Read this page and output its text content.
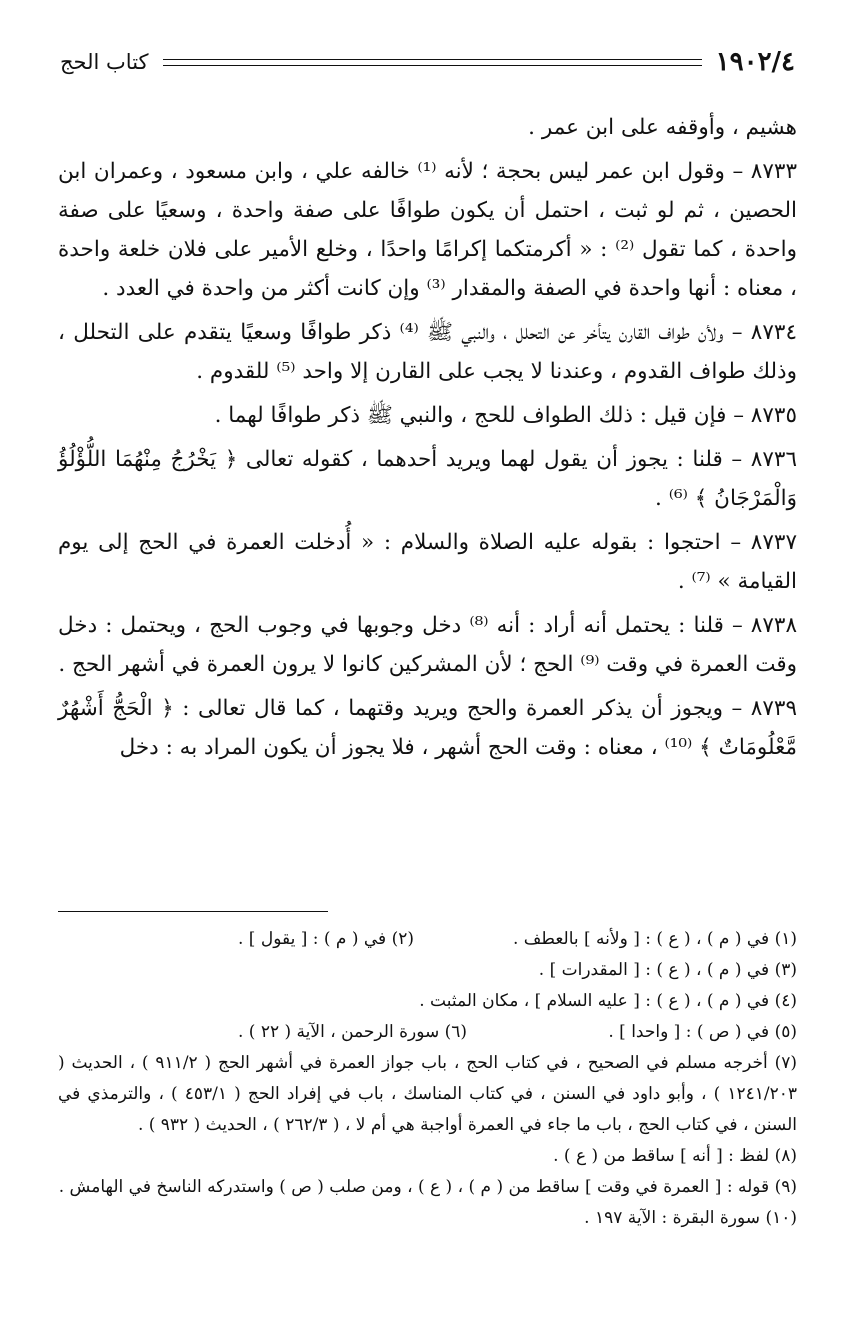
١٩٠٢/٤
كتاب الحج

هشيم ، وأوقفه على ابن عمر .

٨٧٣٣ – وقول ابن عمر ليس بحجة ؛ لأنه ⁽¹⁾ خالفه علي ، وابن مسعود ، وعمران ابن الحصين ، ثم لو ثبت ، احتمل أن يكون طوافًا على صفة واحدة ، وسعيًا على صفة واحدة ، كما تقول ⁽²⁾ : « أكرمتكما إكرامًا واحدًا ، وخلع الأمير على فلان خلعة واحدة ، معناه : أنها واحدة في الصفة والمقدار ⁽³⁾ وإن كانت أكثر من واحدة في العدد .

٨٧٣٤ – ولأن طواف القارن يتأخر عن التحلل ، والنبي ﷺ ⁽⁴⁾ ذكر طوافًا وسعيًا يتقدم على التحلل ، وذلك طواف القدوم ، وعندنا لا يجب على القارن إلا واحد ⁽⁵⁾ للقدوم .

٨٧٣٥ – فإن قيل : ذلك الطواف للحج ، والنبي ﷺ ذكر طوافًا لهما .

٨٧٣٦ – قلنا : يجوز أن يقول لهما ويريد أحدهما ، كقوله تعالى ﴿ يَخْرُجُ مِنْهُمَا اللُّؤْلُؤُ وَالْمَرْجَانُ ﴾ ⁽⁶⁾ .

٨٧٣٧ – احتجوا : بقوله عليه الصلاة والسلام : « أُدخلت العمرة في الحج إلى يوم القيامة » ⁽⁷⁾ .

٨٧٣٨ – قلنا : يحتمل أنه أراد : أنه ⁽⁸⁾ دخل وجوبها في وجوب الحج ، ويحتمل : دخل وقت العمرة في وقت ⁽⁹⁾ الحج ؛ لأن المشركين كانوا لا يرون العمرة في أشهر الحج .

٨٧٣٩ – ويجوز أن يذكر العمرة والحج ويريد وقتهما ، كما قال تعالى : ﴿ الْحَجُّ أَشْهُرٌ مَّعْلُومَاتٌ ﴾ ⁽¹⁰⁾ ، معناه : وقت الحج أشهر ، فلا يجوز أن يكون المراد به : دخل

(١) في ( م ) ، ( ع ) : [ ولأنه ] بالعطف .

(٢) في ( م ) : [ يقول ] .

(٣) في ( م ) ، ( ع ) : [ المقدرات ] .

(٤) في ( م ) ، ( ع ) : [ عليه السلام ] ، مكان المثبت .

(٥) في ( ص ) : [ واحدا ] .

(٦) سورة الرحمن ، الآية ( ٢٢ ) .

(٧) أخرجه مسلم في الصحيح ، في كتاب الحج ، باب جواز العمرة في أشهر الحج ( ٩١١/٢ ) ، الحديث ( ١٢٤١/٢٠٣ ) ، وأبو داود في السنن ، في كتاب المناسك ، باب في إفراد الحج ( ٤٥٣/١ ) ، والترمذي في السنن ، في كتاب الحج ، باب ما جاء في العمرة أواجبة هي أم لا ، ( ٢٦٢/٣ ) ، الحديث ( ٩٣٢ ) .

(٨) لفظ : [ أنه ] ساقط من ( ع ) .

(٩) قوله : [ العمرة في وقت ] ساقط من ( م ) ، ( ع ) ، ومن صلب ( ص ) واستدركه الناسخ في الهامش .

(١٠) سورة البقرة : الآية ١٩٧ .
